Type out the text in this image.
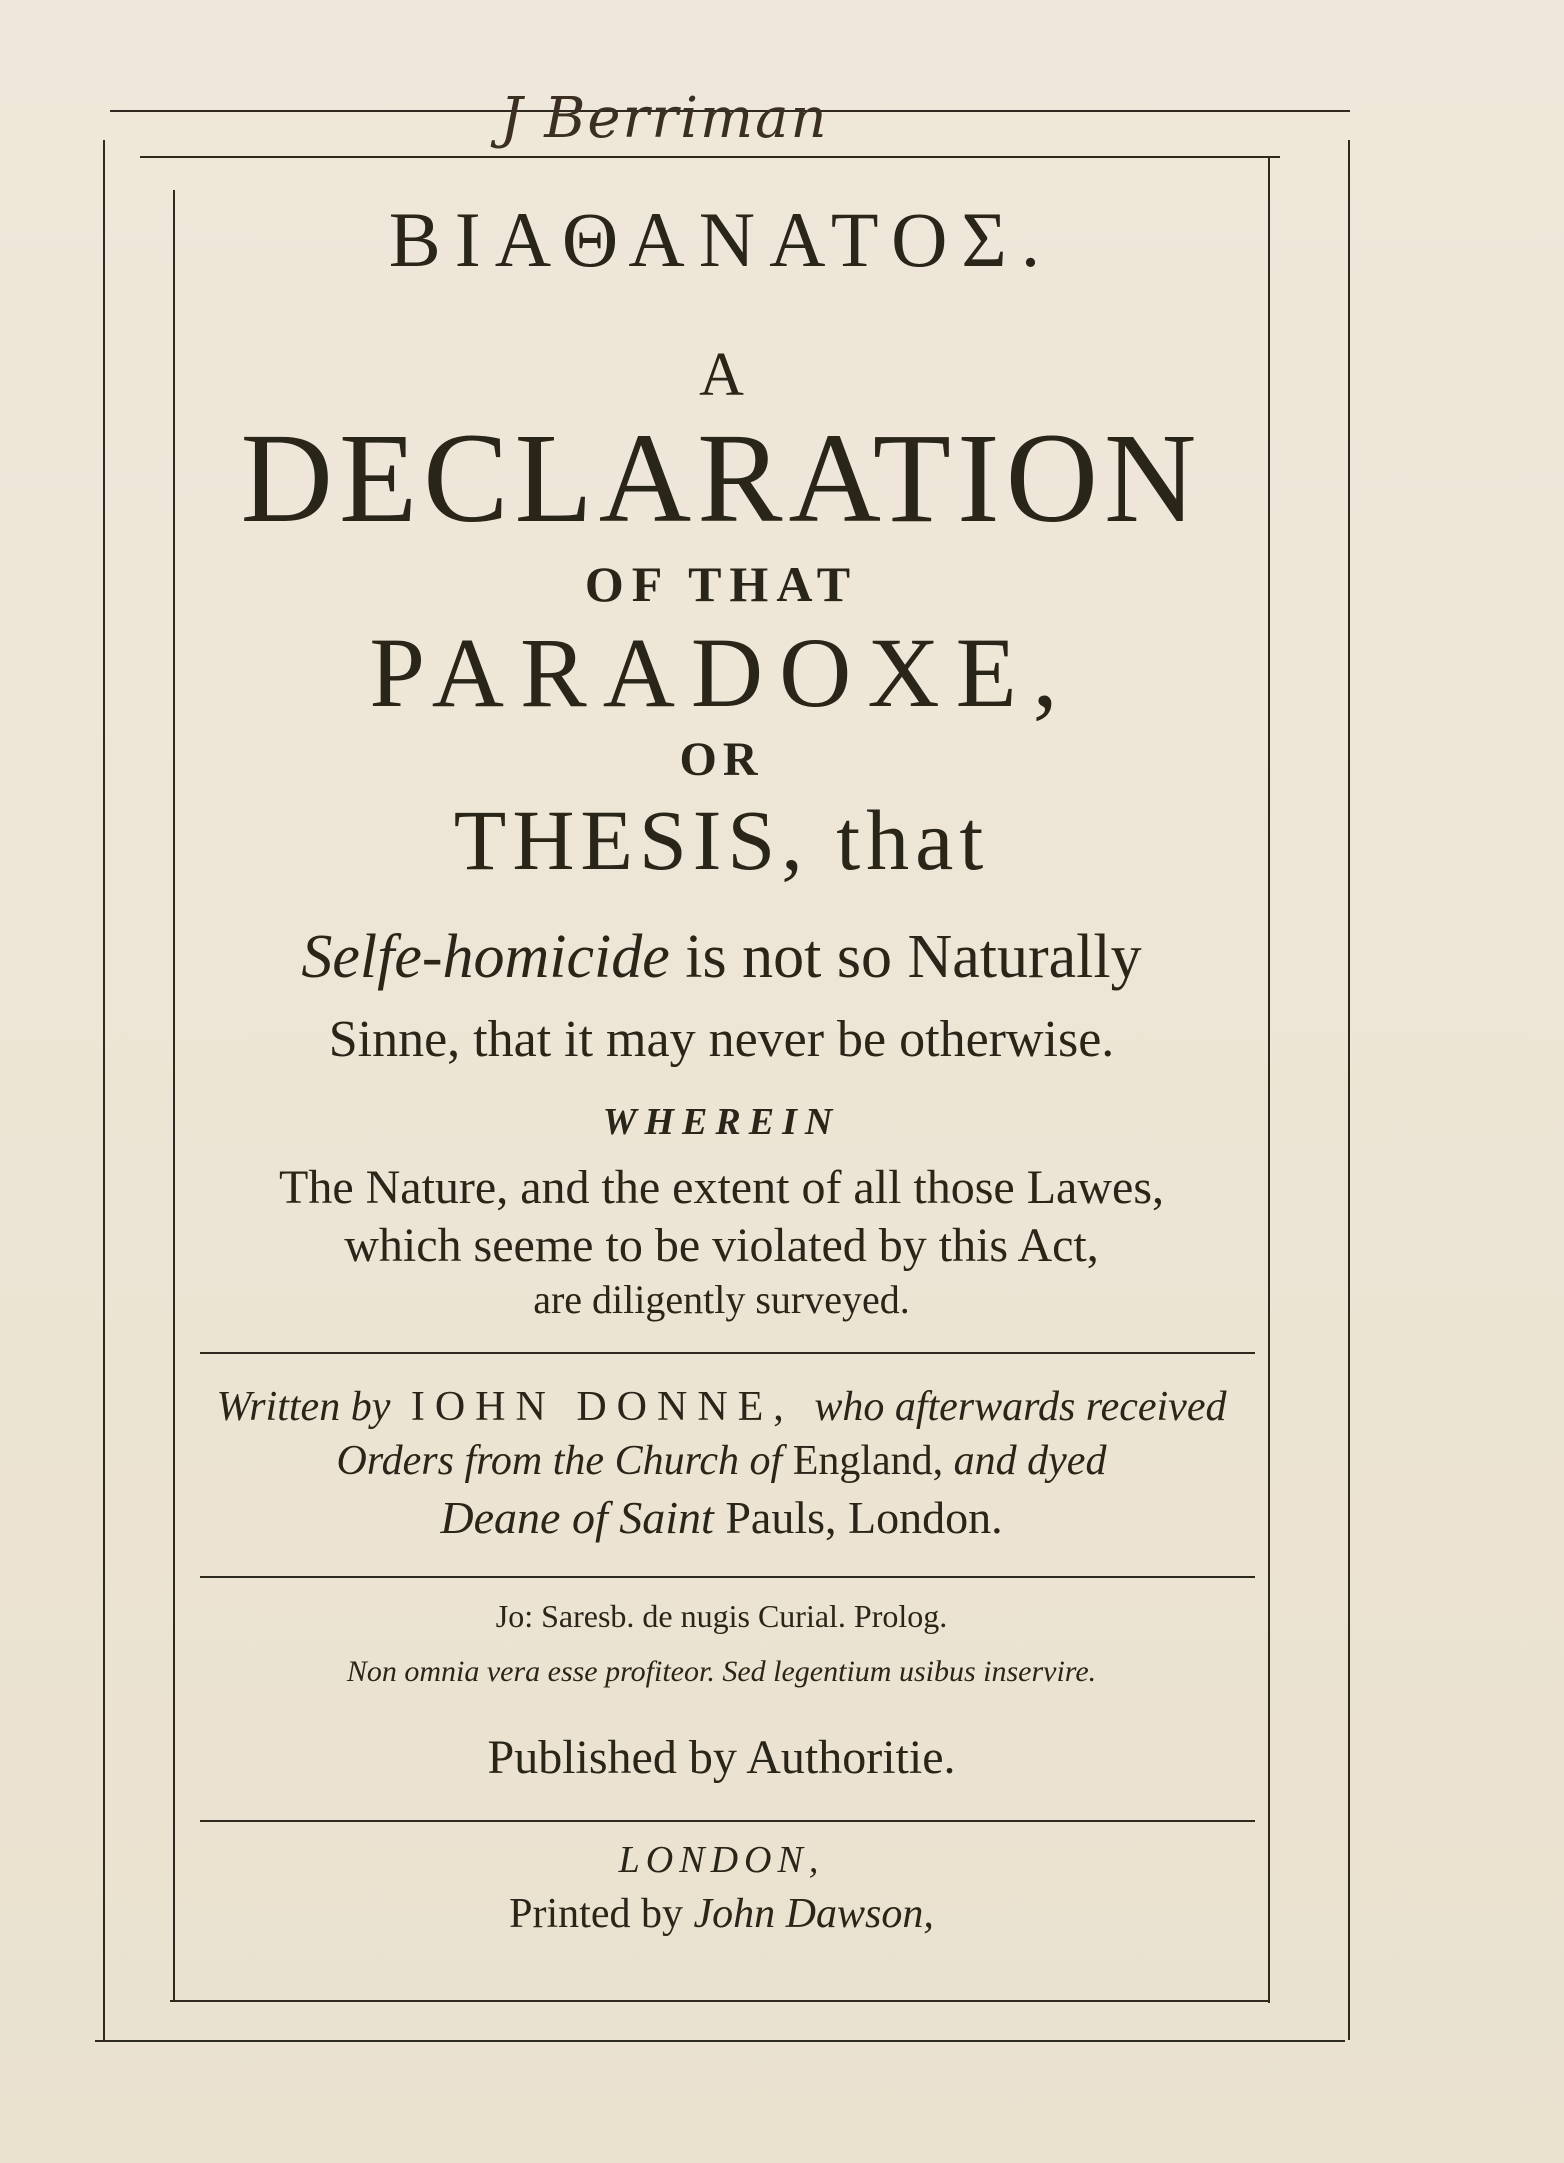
J Berriman
ΒΙΑΘΑΝΑΤΟΣ.
A
DECLARATION
OF THAT
PARADOXE,
OR
THESIS, that
Selfe-homicide is not so Naturally
Sinne, that it may never be otherwise.
WHEREIN
The Nature, and the extent of all those Lawes,
which seeme to be violated by this Act,
are diligently surveyed.
Written by IOHN DONNE, who afterwards received
Orders from the Church of England, and dyed
Deane of Saint Pauls, London.
Jo: Saresb. de nugis Curial. Prolog.
Non omnia vera esse profiteor. Sed legentium usibus inservire.
Published by Authoritie.
LONDON,
Printed by John Dawson,
